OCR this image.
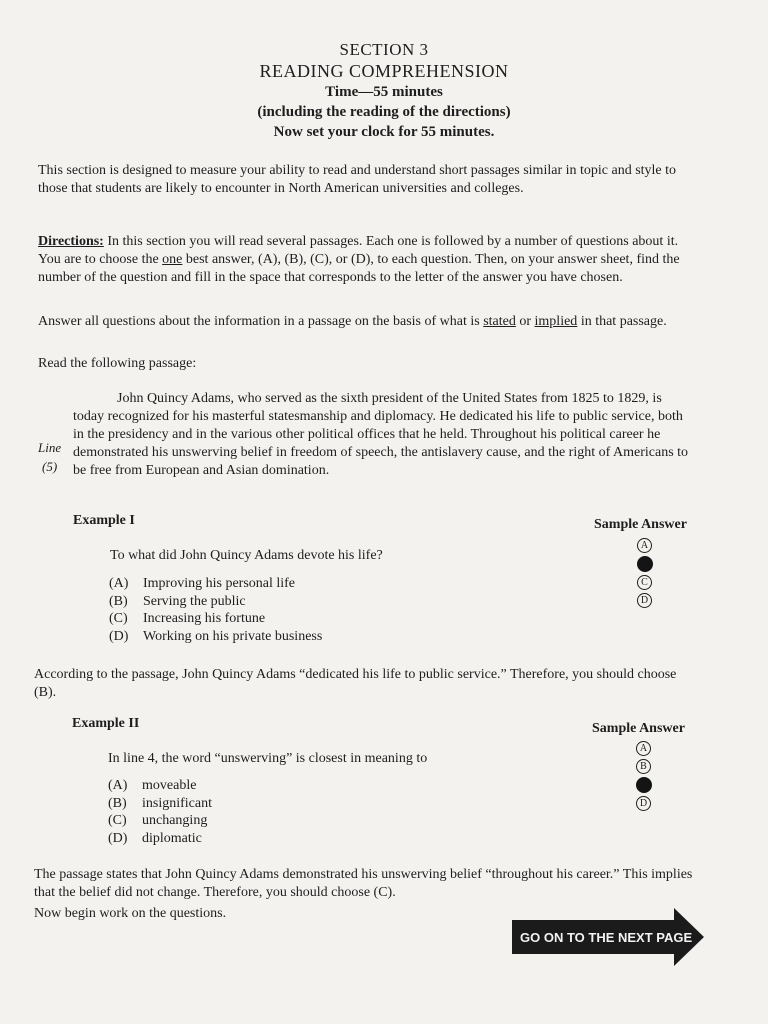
SECTION 3
READING COMPREHENSION
Time—55 minutes
(including the reading of the directions)
Now set your clock for 55 minutes.
This section is designed to measure your ability to read and understand short passages similar in topic and style to those that students are likely to encounter in North American universities and colleges.
Directions: In this section you will read several passages. Each one is followed by a number of questions about it. You are to choose the one best answer, (A), (B), (C), or (D), to each question. Then, on your answer sheet, find the number of the question and fill in the space that corresponds to the letter of the answer you have chosen.
Answer all questions about the information in a passage on the basis of what is stated or implied in that passage.
Read the following passage:
John Quincy Adams, who served as the sixth president of the United States from 1825 to 1829, is today recognized for his masterful statesmanship and diplomacy. He dedicated his life to public service, both in the presidency and in the various other political offices that he held. Throughout his political career he demonstrated his unswerving belief in freedom of speech, the antislavery cause, and the right of Americans to be free from European and Asian domination.
Line
(5)
Example I	Sample Answer
To what did John Quincy Adams devote his life?
(A) Improving his personal life
(B) Serving the public
(C) Increasing his fortune
(D) Working on his private business
A
B
C
D
According to the passage, John Quincy Adams “dedicated his life to public service.” Therefore, you should choose (B).
Example II	Sample Answer
In line 4, the word “unswerving” is closest in meaning to
(A) moveable
(B) insignificant
(C) unchanging
(D) diplomatic
A
B
C
D
The passage states that John Quincy Adams demonstrated his unswerving belief “throughout his career.” This implies that the belief did not change. Therefore, you should choose (C).
Now begin work on the questions.
GO ON TO THE NEXT PAGE
